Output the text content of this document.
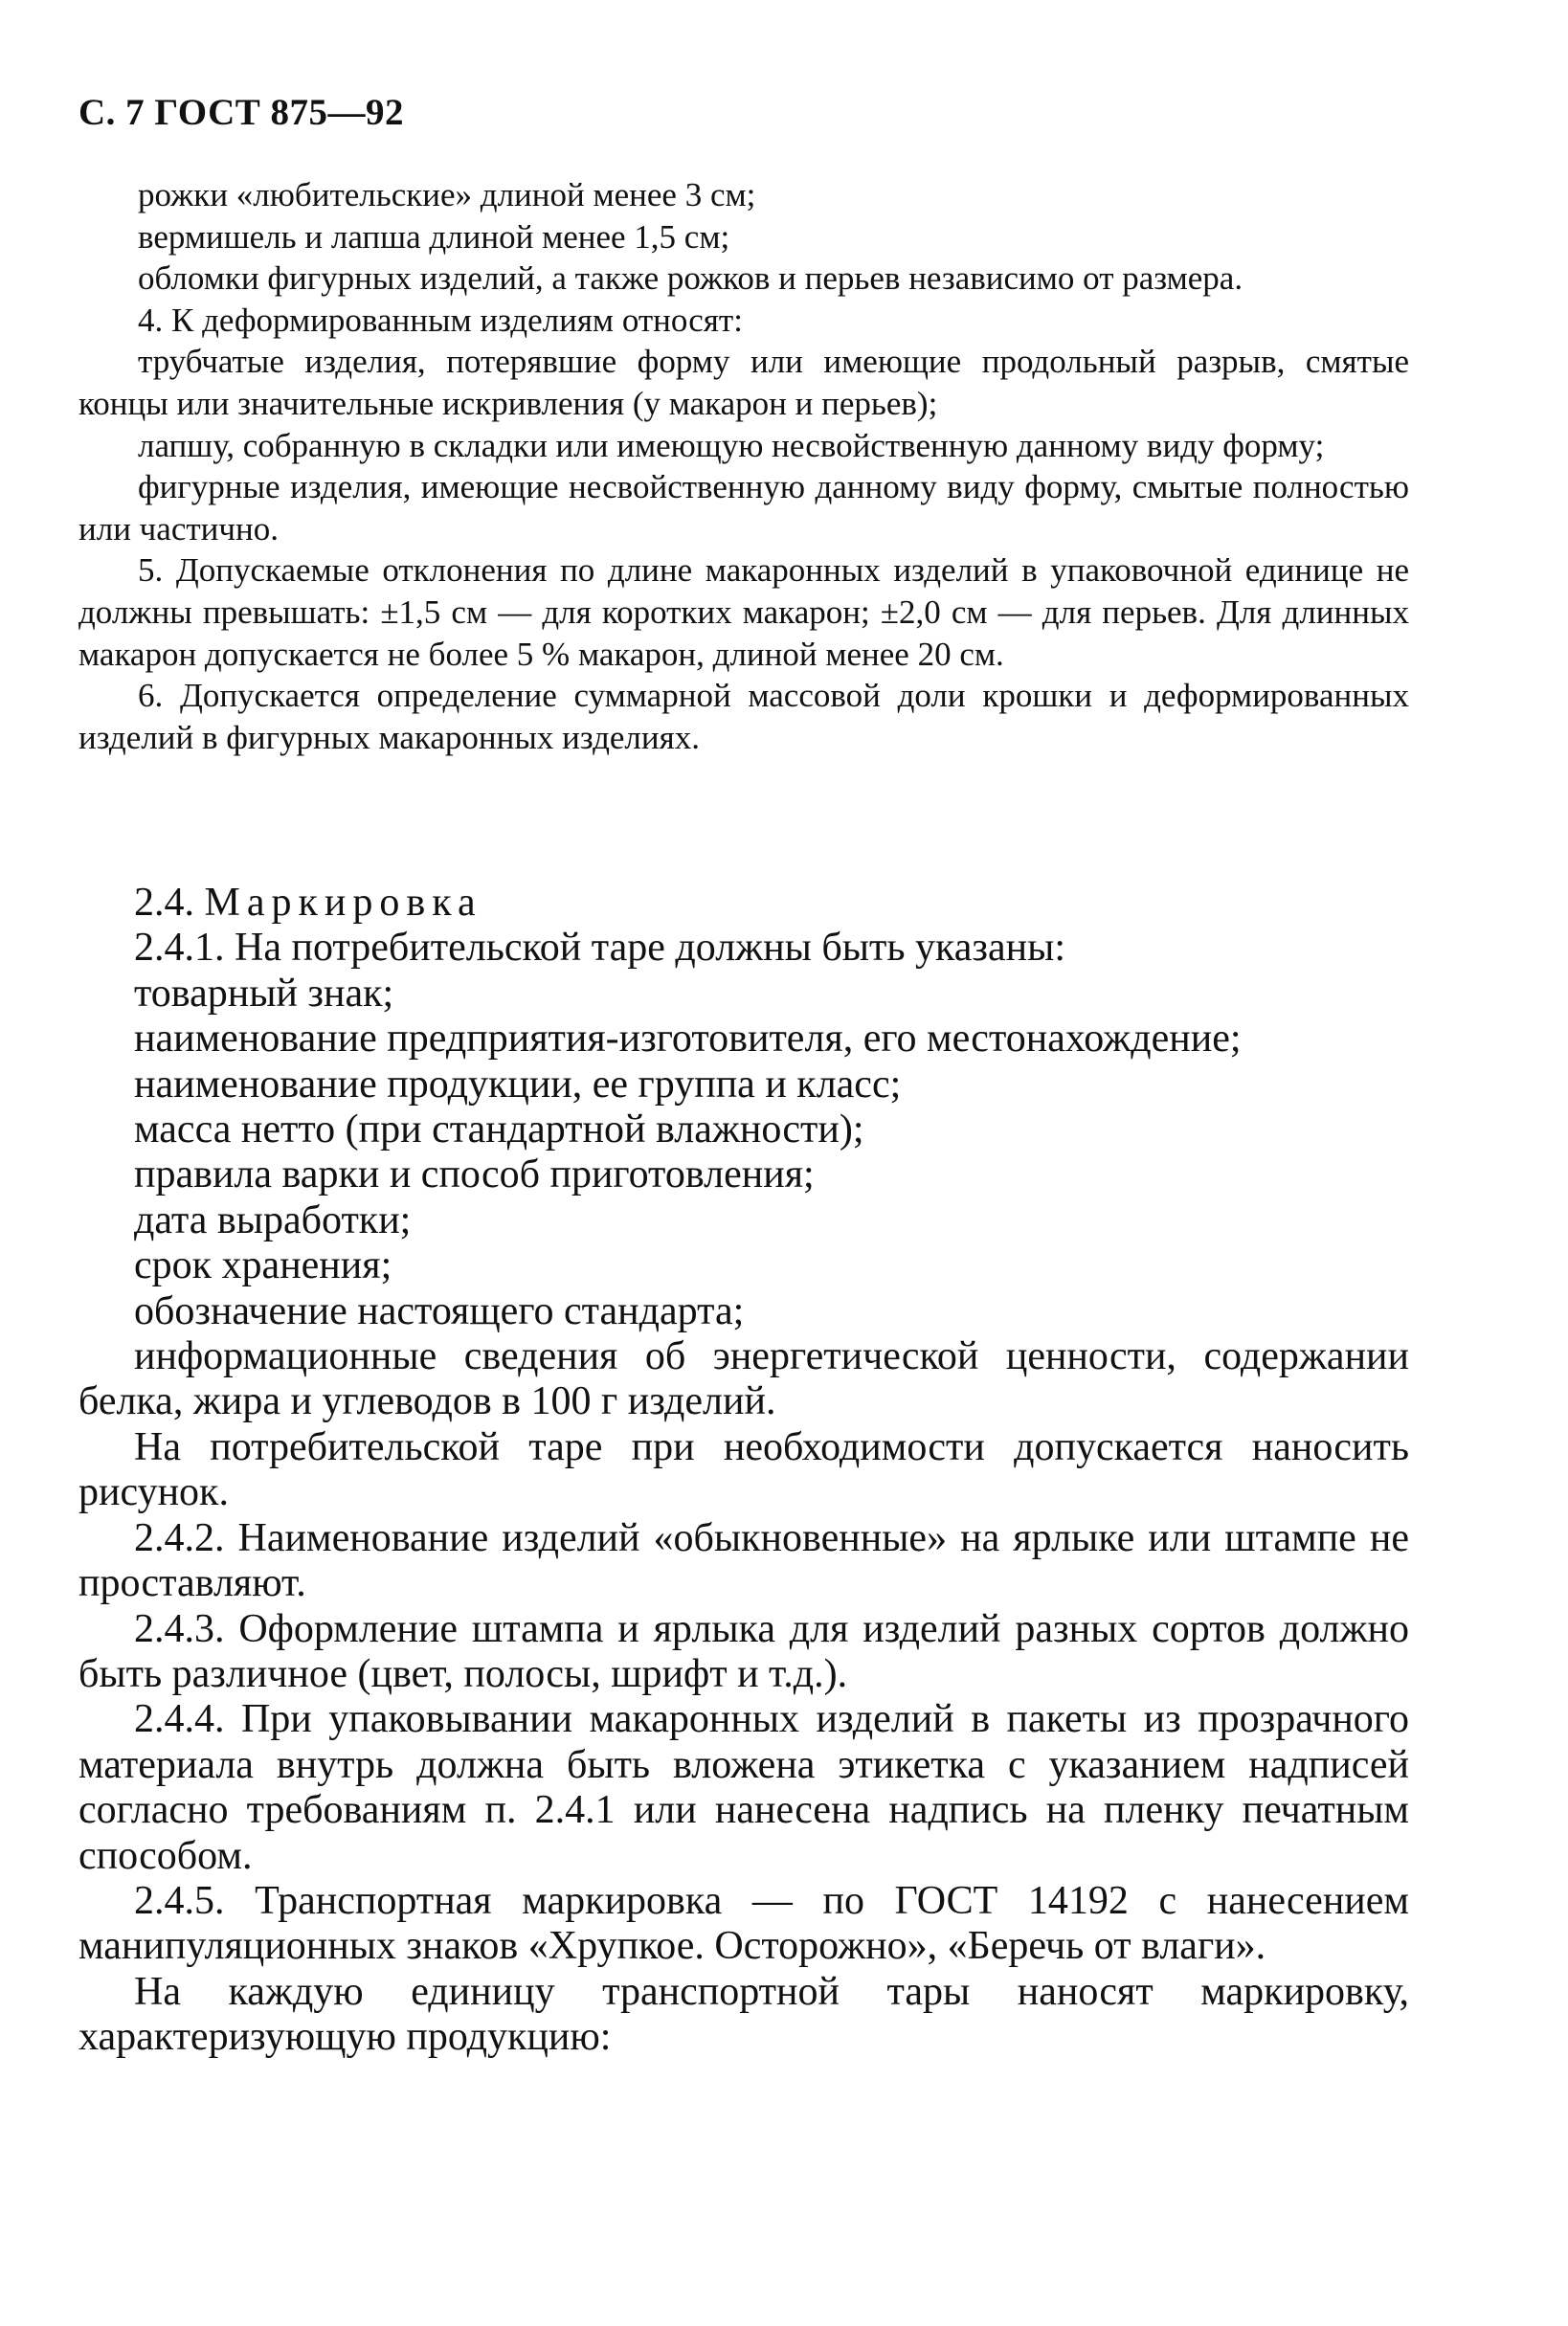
С. 7 ГОСТ 875—92

рожки «любительские» длиной менее 3 см;

вермишель и лапша длиной менее 1,5 см;

обломки фигурных изделий, а также рожков и перьев независимо от размера.

4. К деформированным изделиям относят:

трубчатые изделия, потерявшие форму или имеющие продольный разрыв, смятые концы или значительные искривления (у макарон и перьев);

лапшу, собранную в складки или имеющую несвойственную данному виду форму;

фигурные изделия, имеющие несвойственную данному виду форму, смытые полностью или частично.

5. Допускаемые отклонения по длине макаронных изделий в упаковочной единице не должны превышать: ±1,5 см — для коротких макарон; ±2,0 см — для перьев. Для длинных макарон допускается не более 5 % макарон, длиной менее 20 см.

6. Допускается определение суммарной массовой доли крошки и деформированных изделий в фигурных макаронных изделиях.

2.4. Маркировка

2.4.1. На потребительской таре должны быть указаны:

товарный знак;

наименование предприятия-изготовителя, его местонахождение;

наименование продукции, ее группа и класс;

масса нетто (при стандартной влажности);

правила варки и способ приготовления;

дата выработки;

срок хранения;

обозначение настоящего стандарта;

информационные сведения об энергетической ценности, содержании белка, жира и углеводов в 100 г изделий.

На потребительской таре при необходимости допускается наносить рисунок.

2.4.2. Наименование изделий «обыкновенные» на ярлыке или штампе не проставляют.

2.4.3. Оформление штампа и ярлыка для изделий разных сортов должно быть различное (цвет, полосы, шрифт и т.д.).

2.4.4. При упаковывании макаронных изделий в пакеты из прозрачного материала внутрь должна быть вложена этикетка с указанием надписей согласно требованиям п. 2.4.1 или нанесена надпись на пленку печатным способом.

2.4.5. Транспортная маркировка — по ГОСТ 14192 с нанесением манипуляционных знаков «Хрупкое. Осторожно», «Беречь от влаги».

На каждую единицу транспортной тары наносят маркировку, характеризующую продукцию:
